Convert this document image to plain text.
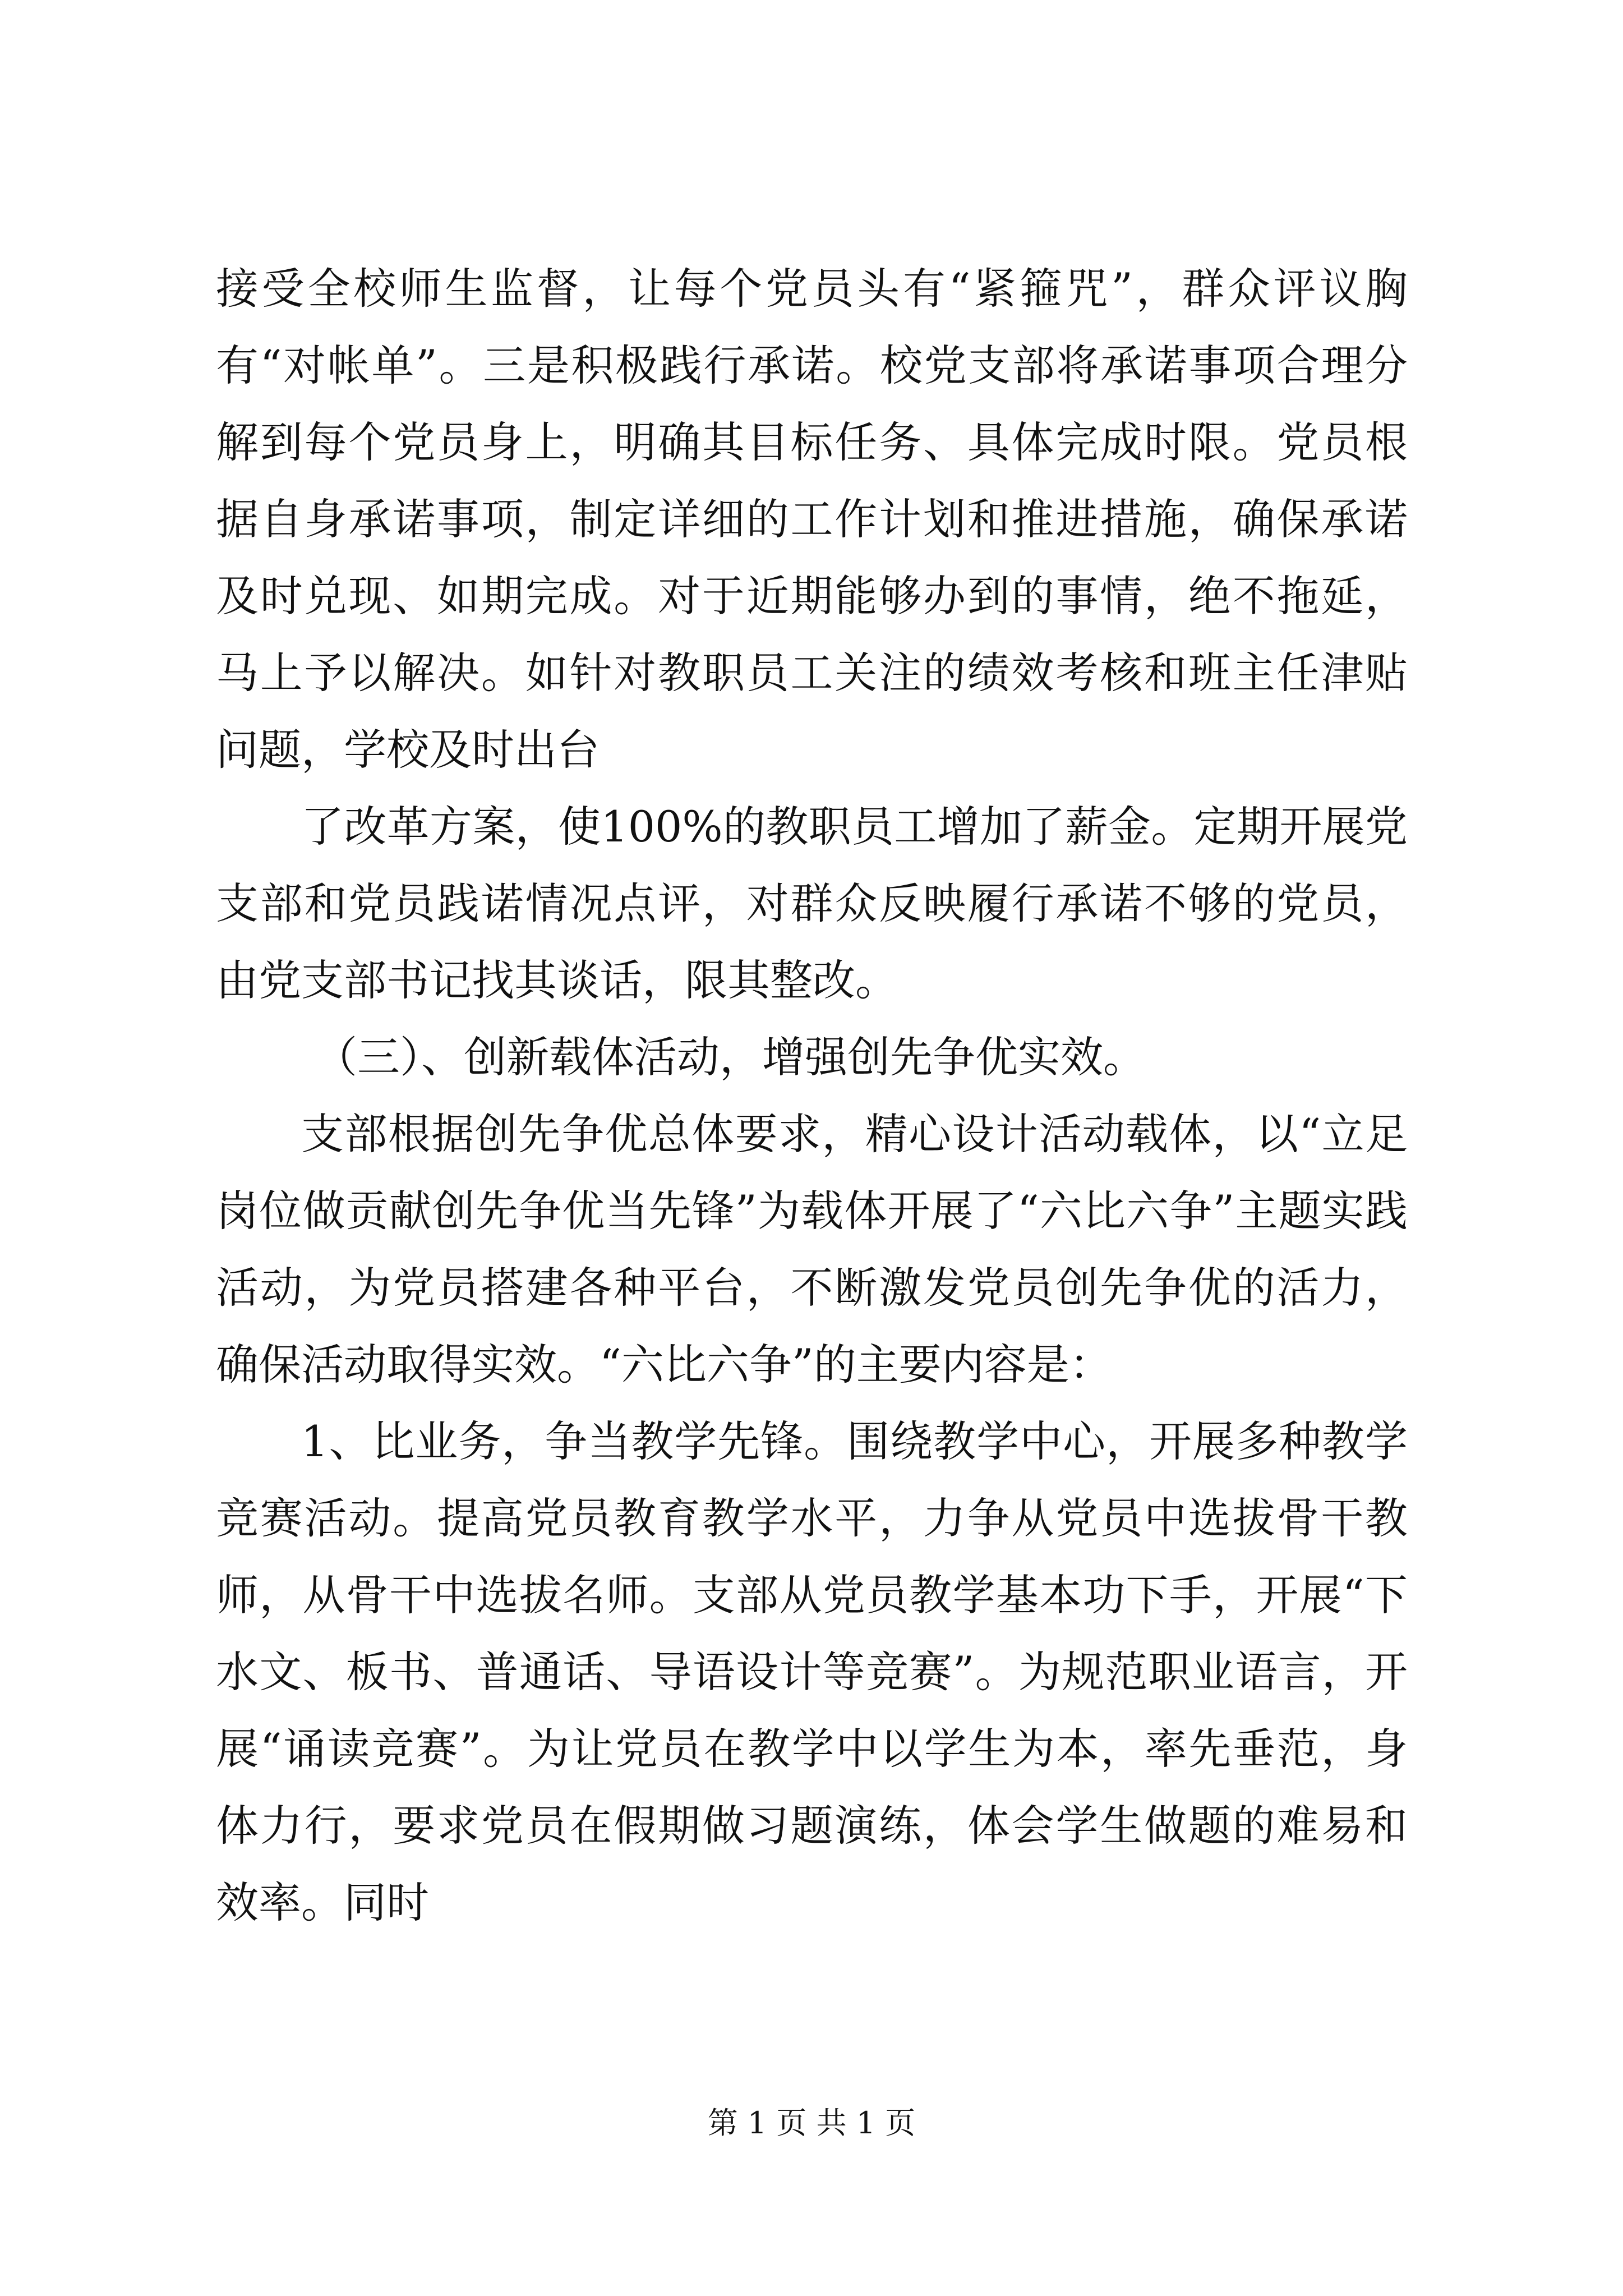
接受全校师生监督，让每个党员头有“紧箍咒”，群众评议胸有“对帐单”。三是积极践行承诺。校党支部将承诺事项合理分解到每个党员身上，明确其目标任务、具体完成时限。党员根据自身承诺事项，制定详细的工作计划和推进措施，确保承诺及时兑现、如期完成。对于近期能够办到的事情，绝不拖延，马上予以解决。如针对教职员工关注的绩效考核和班主任津贴问题，学校及时出台

了改革方案，使100%的教职员工增加了薪金。定期开展党支部和党员践诺情况点评，对群众反映履行承诺不够的党员，由党支部书记找其谈话，限其整改。

（三）、创新载体活动，增强创先争优实效。

支部根据创先争优总体要求，精心设计活动载体，以“立足岗位做贡献创先争优当先锋”为载体开展了“六比六争”主题实践活动，为党员搭建各种平台，不断激发党员创先争优的活力，确保活动取得实效。“六比六争”的主要内容是：

1、比业务，争当教学先锋。围绕教学中心，开展多种教学竞赛活动。提高党员教育教学水平，力争从党员中选拔骨干教师，从骨干中选拔名师。支部从党员教学基本功下手，开展“下水文、板书、普通话、导语设计等竞赛”。为规范职业语言，开展“诵读竞赛”。为让党员在教学中以学生为本，率先垂范，身体力行，要求党员在假期做习题演练，体会学生做题的难易和效率。同时

第 1 页 共 1 页
